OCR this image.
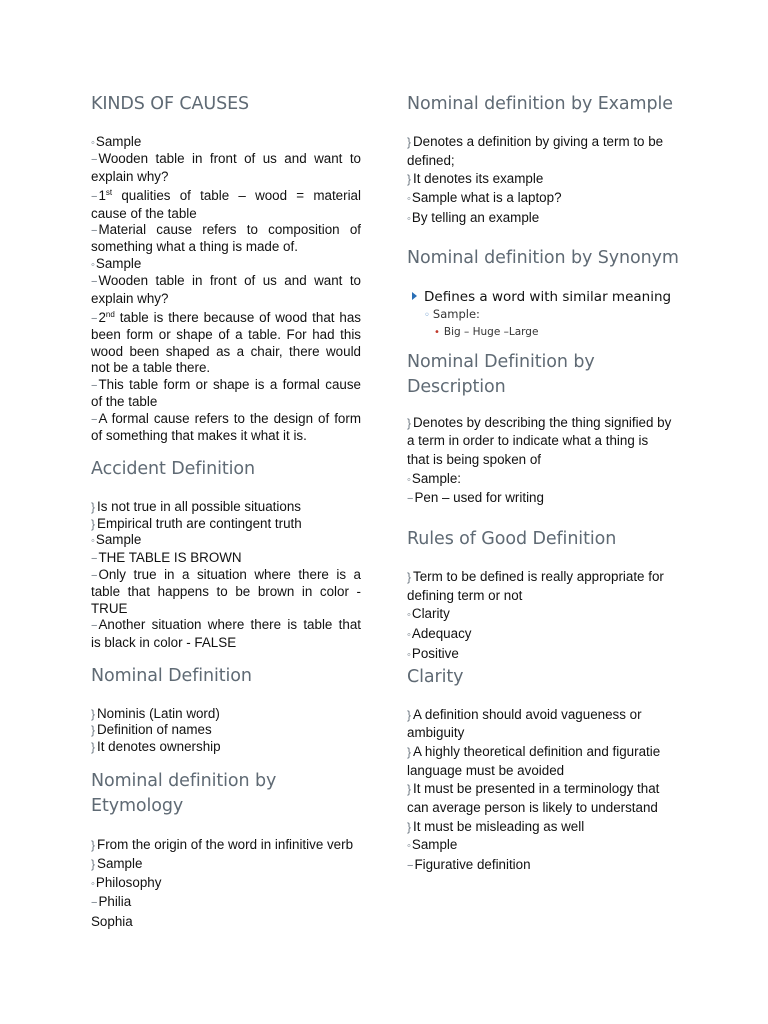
KINDS OF CAUSES
◦Sample
−Wooden table in front of us and want to
explain why?
−1st qualities of table – wood = material
cause of the table
−Material cause refers to composition of
something what a thing is made of.
◦Sample
−Wooden table in front of us and want to
explain why?
−2nd table is there because of wood that has
been form or shape of a table. For had this
wood been shaped as a chair, there would
not be a table there.
−This table form or shape is a formal cause
of the table
−A formal cause refers to the design of form
of something that makes it what it is.
Accident Definition
} Is not true in all possible situations
} Empirical truth are contingent truth
◦Sample
−THE TABLE IS BROWN
−Only true in a situation where there is a
table that happens to be brown in color -
TRUE
−Another situation where there is table that
is black in color - FALSE
Nominal Definition
} Nominis (Latin word)
} Definition of names
} It denotes ownership
Nominal definition by Etymology
} From the origin of the word in infinitive verb
} Sample
◦Philosophy
−Philia
Sophia
Nominal definition by Example
} Denotes a definition by giving a term to be
defined;
} It denotes its example
◦Sample what is a laptop?
◦By telling an example
Nominal definition by Synonym
Defines a word with similar meaning
◦ Sample:
• Big – Huge –Large
Nominal Definition by
Description
} Denotes by describing the thing signified by
a term in order to indicate what a thing is
that is being spoken of
◦Sample:
−Pen – used for writing
Rules of Good Definition
} Term to be defined is really appropriate for
defining term or not
◦Clarity
◦Adequacy
◦Positive
Clarity
} A definition should avoid vagueness or
ambiguity
} A highly theoretical definition and figuratie
language must be avoided
} It must be presented in a terminology that
can average person is likely to understand
} It must be misleading as well
◦Sample
−Figurative definition
